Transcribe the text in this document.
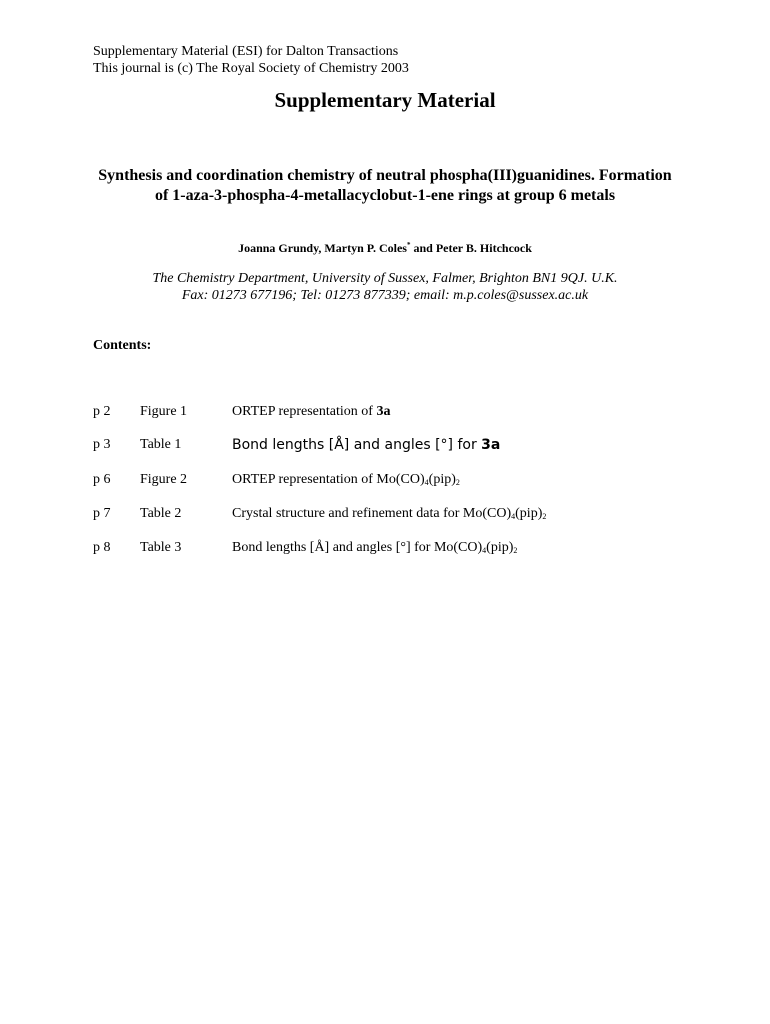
Supplementary Material (ESI) for Dalton Transactions
This journal is (c) The Royal Society of Chemistry 2003
Supplementary Material
Synthesis and coordination chemistry of neutral phospha(III)guanidines. Formation of 1-aza-3-phospha-4-metallacyclobut-1-ene rings at group 6 metals
Joanna Grundy, Martyn P. Coles* and Peter B. Hitchcock
The Chemistry Department, University of Sussex, Falmer, Brighton BN1 9QJ. U.K.
Fax: 01273 677196; Tel: 01273 877339; email: m.p.coles@sussex.ac.uk
Contents:
p 2 Figure 1	ORTEP representation of 3a
p 3 Table 1	Bond lengths [Å] and angles [°] for 3a
p 6 Figure 2	ORTEP representation of $Mo(CO)_4(pip)_2$
p 7 Table 2	Crystal structure and refinement data for $Mo(CO)_4(pip)_2$
p 8 Table 3	Bond lengths [Å] and angles [°] for $Mo(CO)_4(pip)_2$
